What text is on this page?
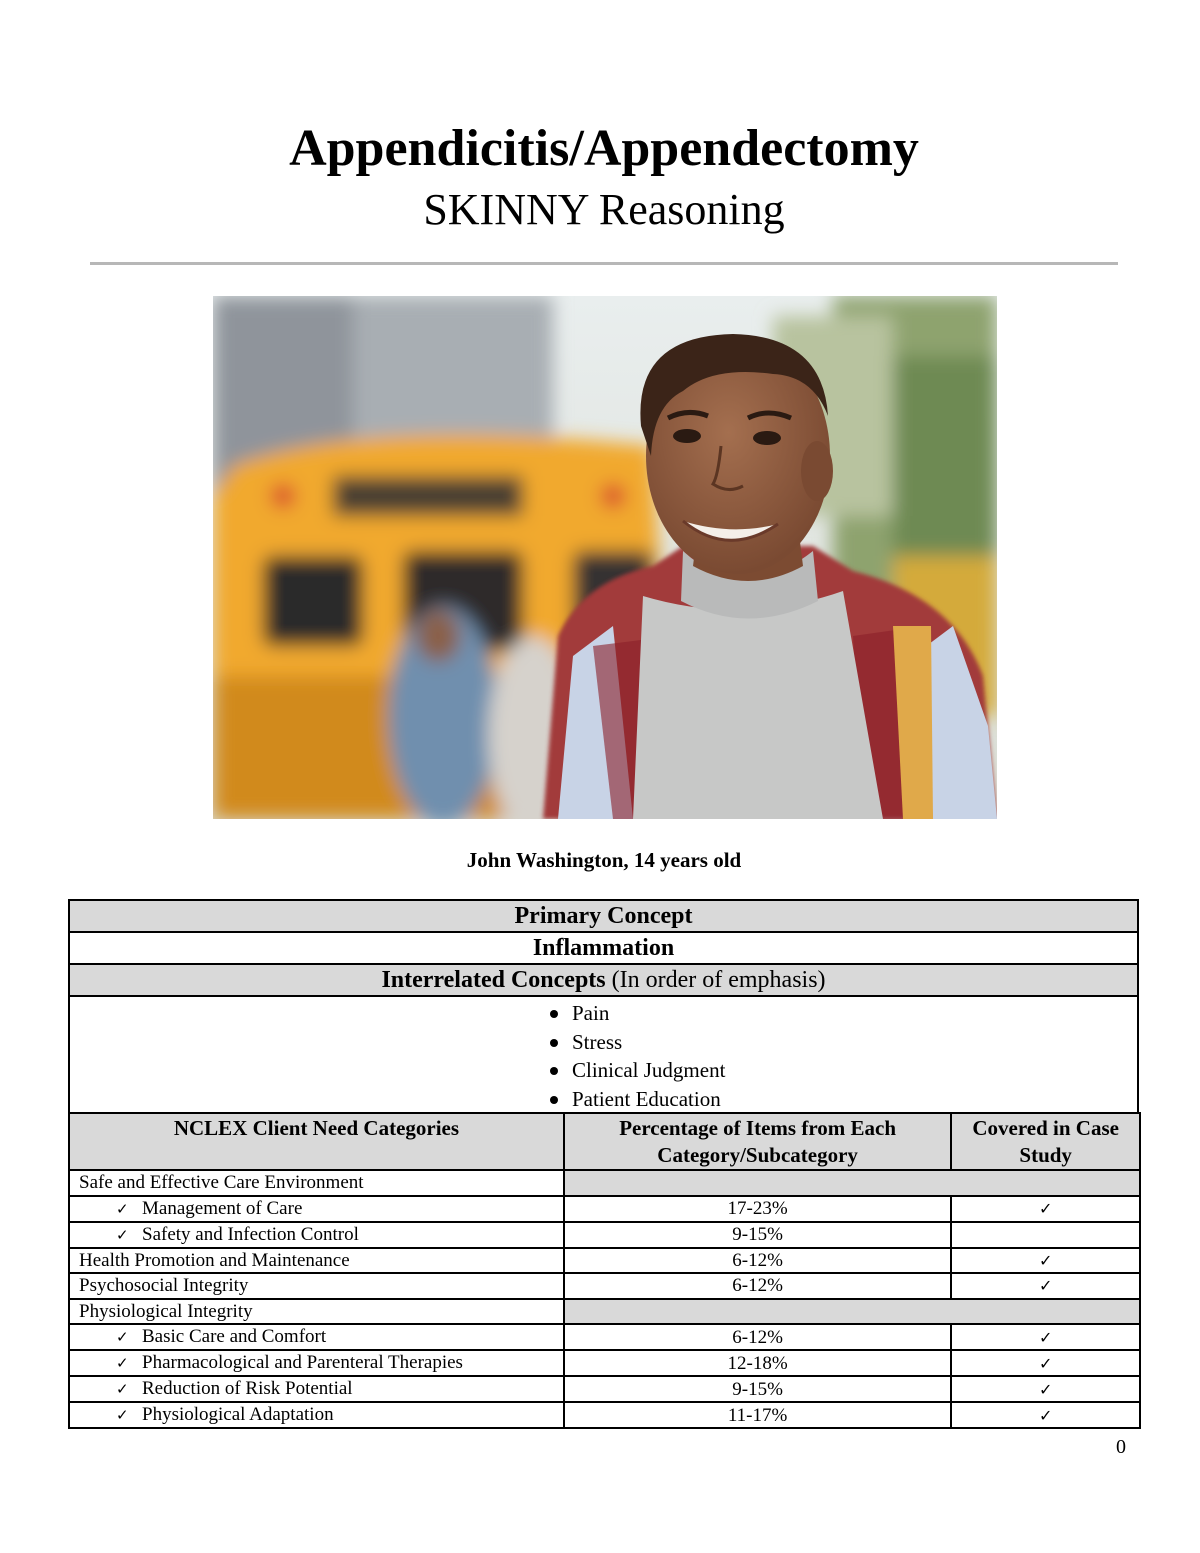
Appendicitis/Appendectomy
SKINNY Reasoning
John Washington, 14 years old
Primary Concept
Inflammation
Interrelated Concepts (In order of emphasis)
Pain
Stress
Clinical Judgment
Patient Education
NCLEX Client Need Categories	Percentage of Items from Each Category/Subcategory	Covered in Case Study
Safe and Effective Care Environment		
✓ Management of Care	17-23%	✓
✓ Safety and Infection Control	9-15%	
Health Promotion and Maintenance	6-12%	✓
Psychosocial Integrity	6-12%	✓
Physiological Integrity		
✓ Basic Care and Comfort	6-12%	✓
✓ Pharmacological and Parenteral Therapies	12-18%	✓
✓ Reduction of Risk Potential	9-15%	✓
✓ Physiological Adaptation	11-17%	✓
0
